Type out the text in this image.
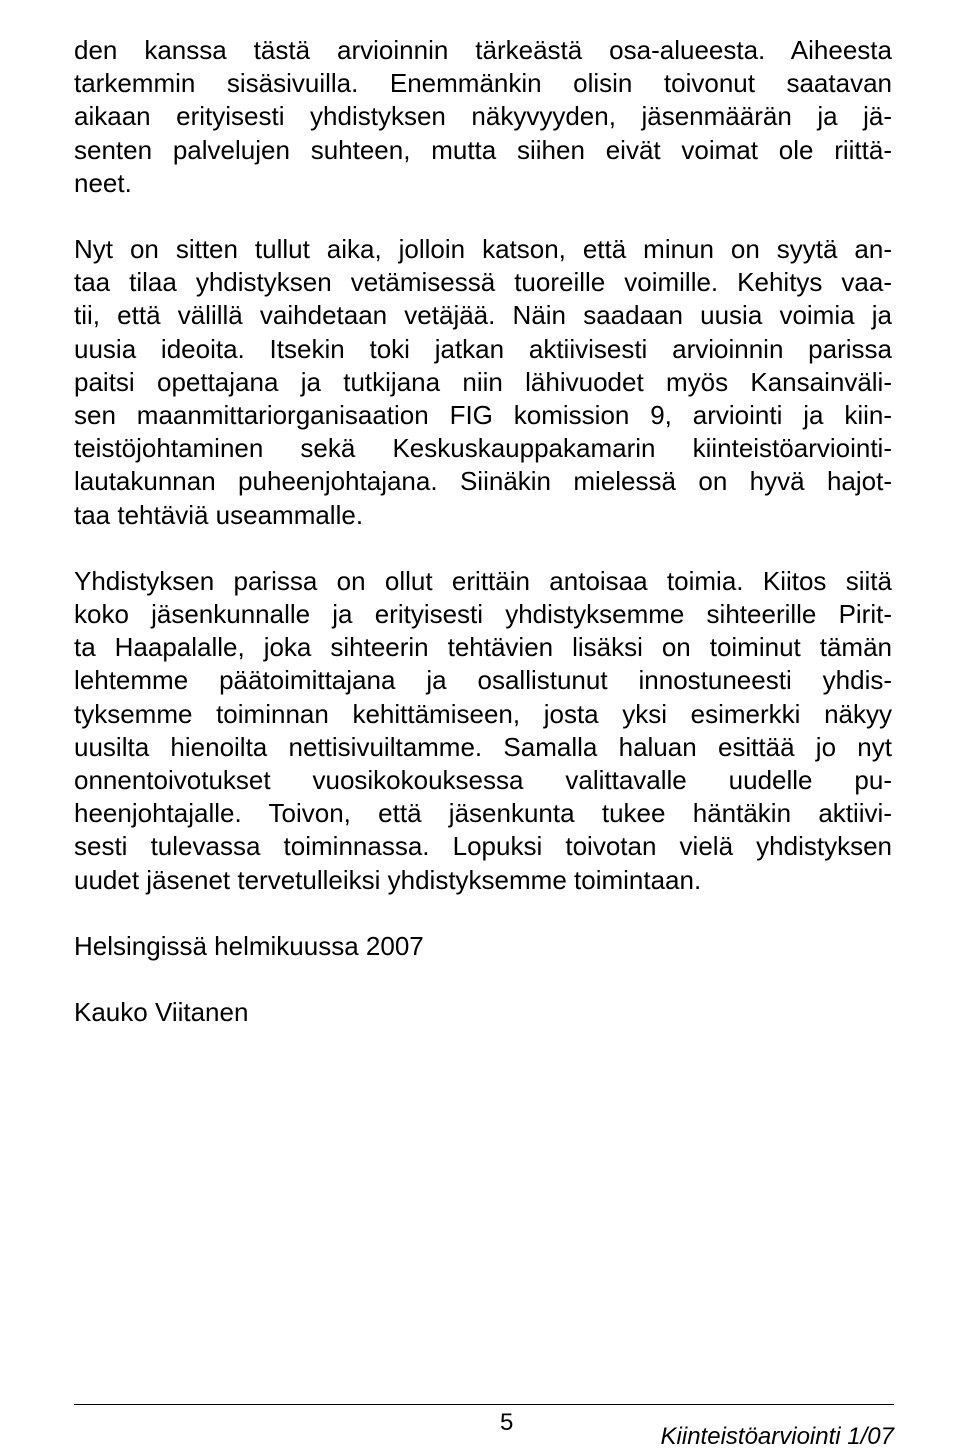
den kanssa tästä arvioinnin tärkeästä osa-alueesta. Aiheesta
tarkemmin sisäsivuilla. Enemmänkin olisin toivonut saatavan
aikaan erityisesti yhdistyksen näkyvyyden, jäsenmäärän ja jä-
senten palvelujen suhteen, mutta siihen eivät voimat ole riittä-
neet.

Nyt on sitten tullut aika, jolloin katson, että minun on syytä an-
taa tilaa yhdistyksen vetämisessä tuoreille voimille. Kehitys vaa-
tii, että välillä vaihdetaan vetäjää. Näin saadaan uusia voimia ja
uusia ideoita. Itsekin toki jatkan aktiivisesti arvioinnin parissa
paitsi opettajana ja tutkijana niin lähivuodet myös Kansainväli-
sen maanmittariorganisaation FIG komission 9, arviointi ja kiin-
teistöjohtaminen sekä Keskuskauppakamarin kiinteistöarviointi-
lautakunnan puheenjohtajana. Siinäkin mielessä on hyvä hajot-
taa tehtäviä useammalle.

Yhdistyksen parissa on ollut erittäin antoisaa toimia. Kiitos siitä
koko jäsenkunnalle ja erityisesti yhdistyksemme sihteerille Pirit-
ta Haapalalle, joka sihteerin tehtävien lisäksi on toiminut tämän
lehtemme päätoimittajana ja osallistunut innostuneesti yhdis-
tyksemme toiminnan kehittämiseen, josta yksi esimerkki näkyy
uusilta hienoilta nettisivuiltamme. Samalla haluan esittää jo nyt
onnentoivotukset vuosikokouksessa valittavalle uudelle pu-
heenjohtajalle. Toivon, että jäsenkunta tukee häntäkin aktiivi-
sesti tulevassa toiminnassa. Lopuksi toivotan vielä yhdistyksen
uudet jäsenet tervetulleiksi yhdistyksemme toimintaan.

Helsingissä helmikuussa 2007
Kauko Viitanen
5
Kiinteistöarviointi 1/07
